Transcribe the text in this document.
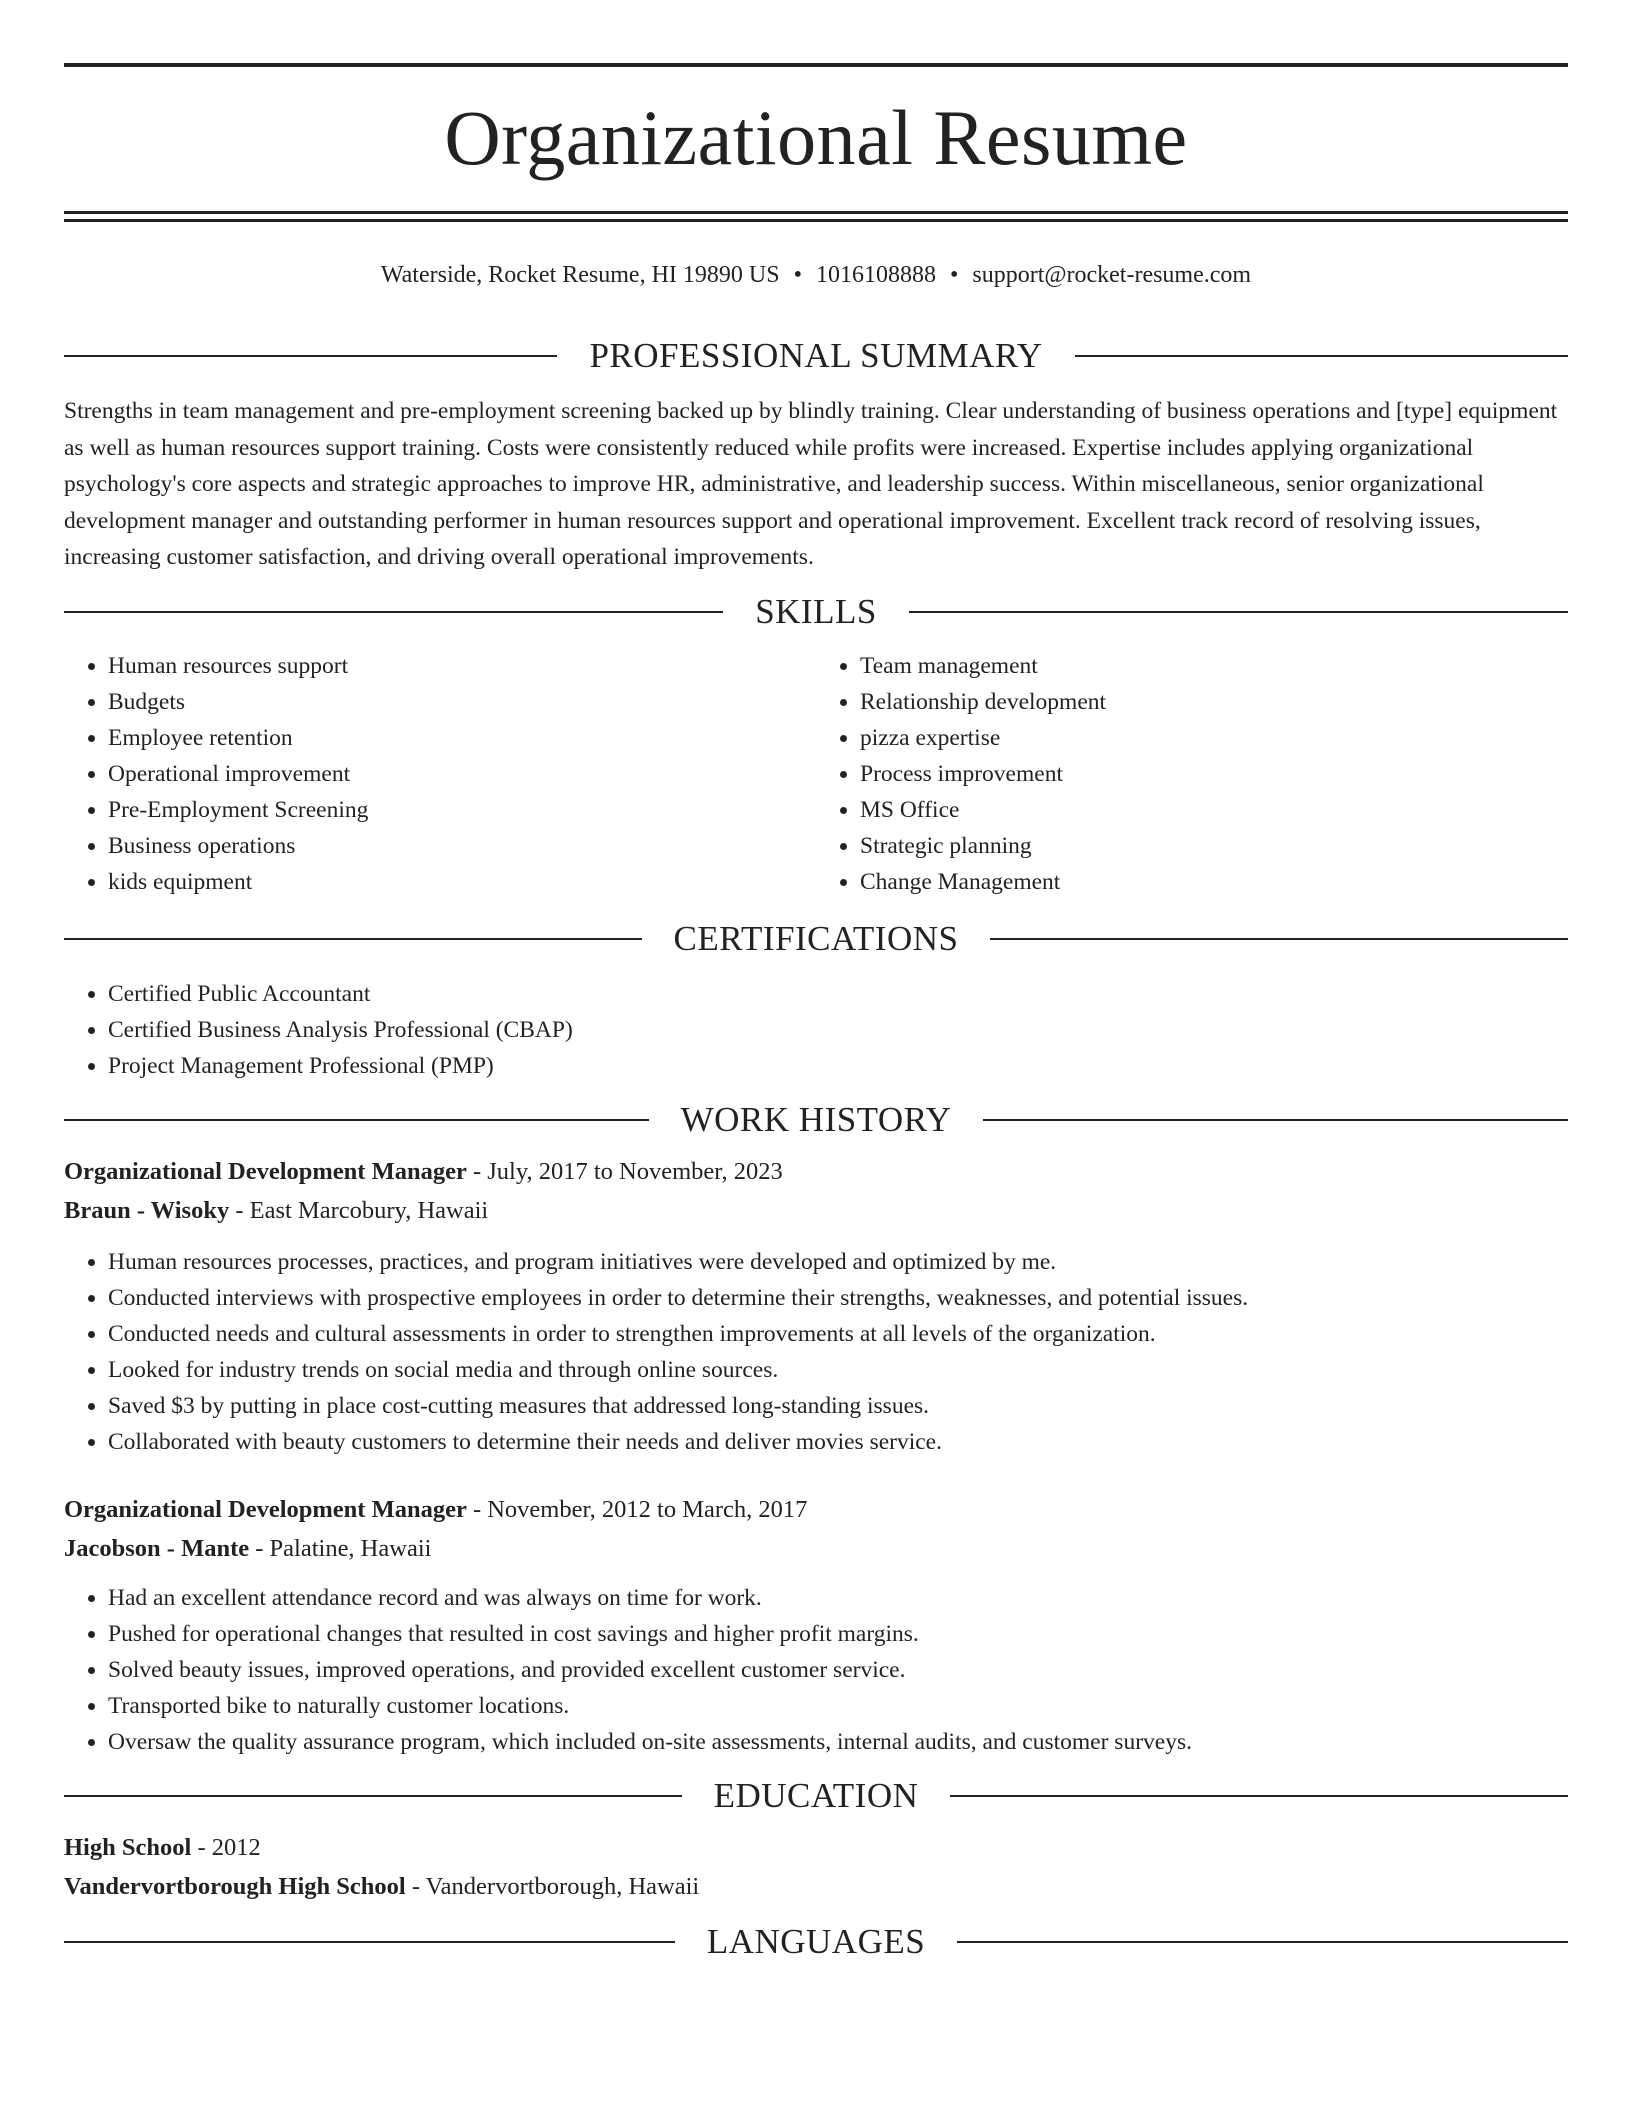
Organizational Resume
Waterside, Rocket Resume, HI 19890 US • 1016108888 • support@rocket-resume.com
PROFESSIONAL SUMMARY

Strengths in team management and pre-employment screening backed up by blindly training. Clear understanding of business operations and [type] equipment as well as human resources support training. Costs were consistently reduced while profits were increased. Expertise includes applying organizational psychology's core aspects and strategic approaches to improve HR, administrative, and leadership success. Within miscellaneous, senior organizational development manager and outstanding performer in human resources support and operational improvement. Excellent track record of resolving issues, increasing customer satisfaction, and driving overall operational improvements.

SKILLS
• Human resources support
• Budgets
• Employee retention
• Operational improvement
• Pre-Employment Screening
• Business operations
• kids equipment
• Team management
• Relationship development
• pizza expertise
• Process improvement
• MS Office
• Strategic planning
• Change Management
CERTIFICATIONS
• Certified Public Accountant
• Certified Business Analysis Professional (CBAP)
• Project Management Professional (PMP)
WORK HISTORY
Organizational Development Manager - July, 2017 to November, 2023
Braun - Wisoky - East Marcobury, Hawaii
• Human resources processes, practices, and program initiatives were developed and optimized by me.
• Conducted interviews with prospective employees in order to determine their strengths, weaknesses, and potential issues.
• Conducted needs and cultural assessments in order to strengthen improvements at all levels of the organization.
• Looked for industry trends on social media and through online sources.
• Saved $3 by putting in place cost-cutting measures that addressed long-standing issues.
• Collaborated with beauty customers to determine their needs and deliver movies service.
Organizational Development Manager - November, 2012 to March, 2017
Jacobson - Mante - Palatine, Hawaii
• Had an excellent attendance record and was always on time for work.
• Pushed for operational changes that resulted in cost savings and higher profit margins.
• Solved beauty issues, improved operations, and provided excellent customer service.
• Transported bike to naturally customer locations.
• Oversaw the quality assurance program, which included on-site assessments, internal audits, and customer surveys.
EDUCATION
High School - 2012
Vandervortborough High School - Vandervortborough, Hawaii
LANGUAGES
